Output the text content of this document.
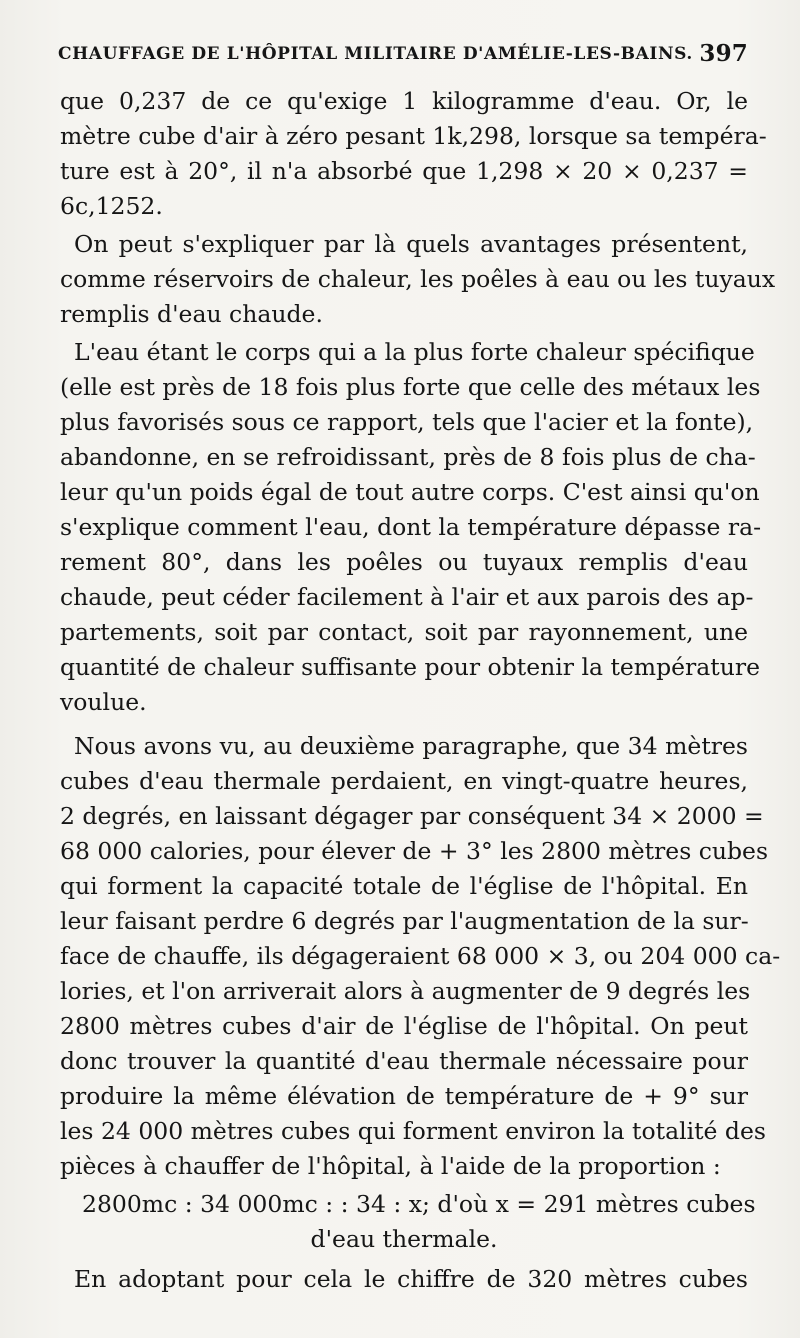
CHAUFFAGE DE L'HÔPITAL MILITAIRE D'AMÉLIE-LES-BAINS. 397
que 0,237 de ce qu'exige 1 kilogramme d'eau. Or, le
mètre cube d'air à zéro pesant 1k,298, lorsque sa tempéra-
ture est à 20°, il n'a absorbé que 1,298 × 20 × 0,237 =
6c,1252.
On peut s'expliquer par là quels avantages présentent,
comme réservoirs de chaleur, les poêles à eau ou les tuyaux
remplis d'eau chaude.
L'eau étant le corps qui a la plus forte chaleur spécifique
(elle est près de 18 fois plus forte que celle des métaux les
plus favorisés sous ce rapport, tels que l'acier et la fonte),
abandonne, en se refroidissant, près de 8 fois plus de cha-
leur qu'un poids égal de tout autre corps. C'est ainsi qu'on
s'explique comment l'eau, dont la température dépasse ra-
rement 80°, dans les poêles ou tuyaux remplis d'eau
chaude, peut céder facilement à l'air et aux parois des ap-
partements, soit par contact, soit par rayonnement, une
quantité de chaleur suffisante pour obtenir la température
voulue.
Nous avons vu, au deuxième paragraphe, que 34 mètres
cubes d'eau thermale perdaient, en vingt-quatre heures,
2 degrés, en laissant dégager par conséquent 34 × 2000 =
68 000 calories, pour élever de + 3° les 2800 mètres cubes
qui forment la capacité totale de l'église de l'hôpital. En
leur faisant perdre 6 degrés par l'augmentation de la sur-
face de chauffe, ils dégageraient 68 000 × 3, ou 204 000 ca-
lories, et l'on arriverait alors à augmenter de 9 degrés les
2800 mètres cubes d'air de l'église de l'hôpital. On peut
donc trouver la quantité d'eau thermale nécessaire pour
produire la même élévation de température de + 9° sur
les 24 000 mètres cubes qui forment environ la totalité des
pièces à chauffer de l'hôpital, à l'aide de la proportion :
2800mc : 34 000mc : : 34 : x; d'où x = 291 mètres cubes
d'eau thermale.
En adoptant pour cela le chiffre de 320 mètres cubes
